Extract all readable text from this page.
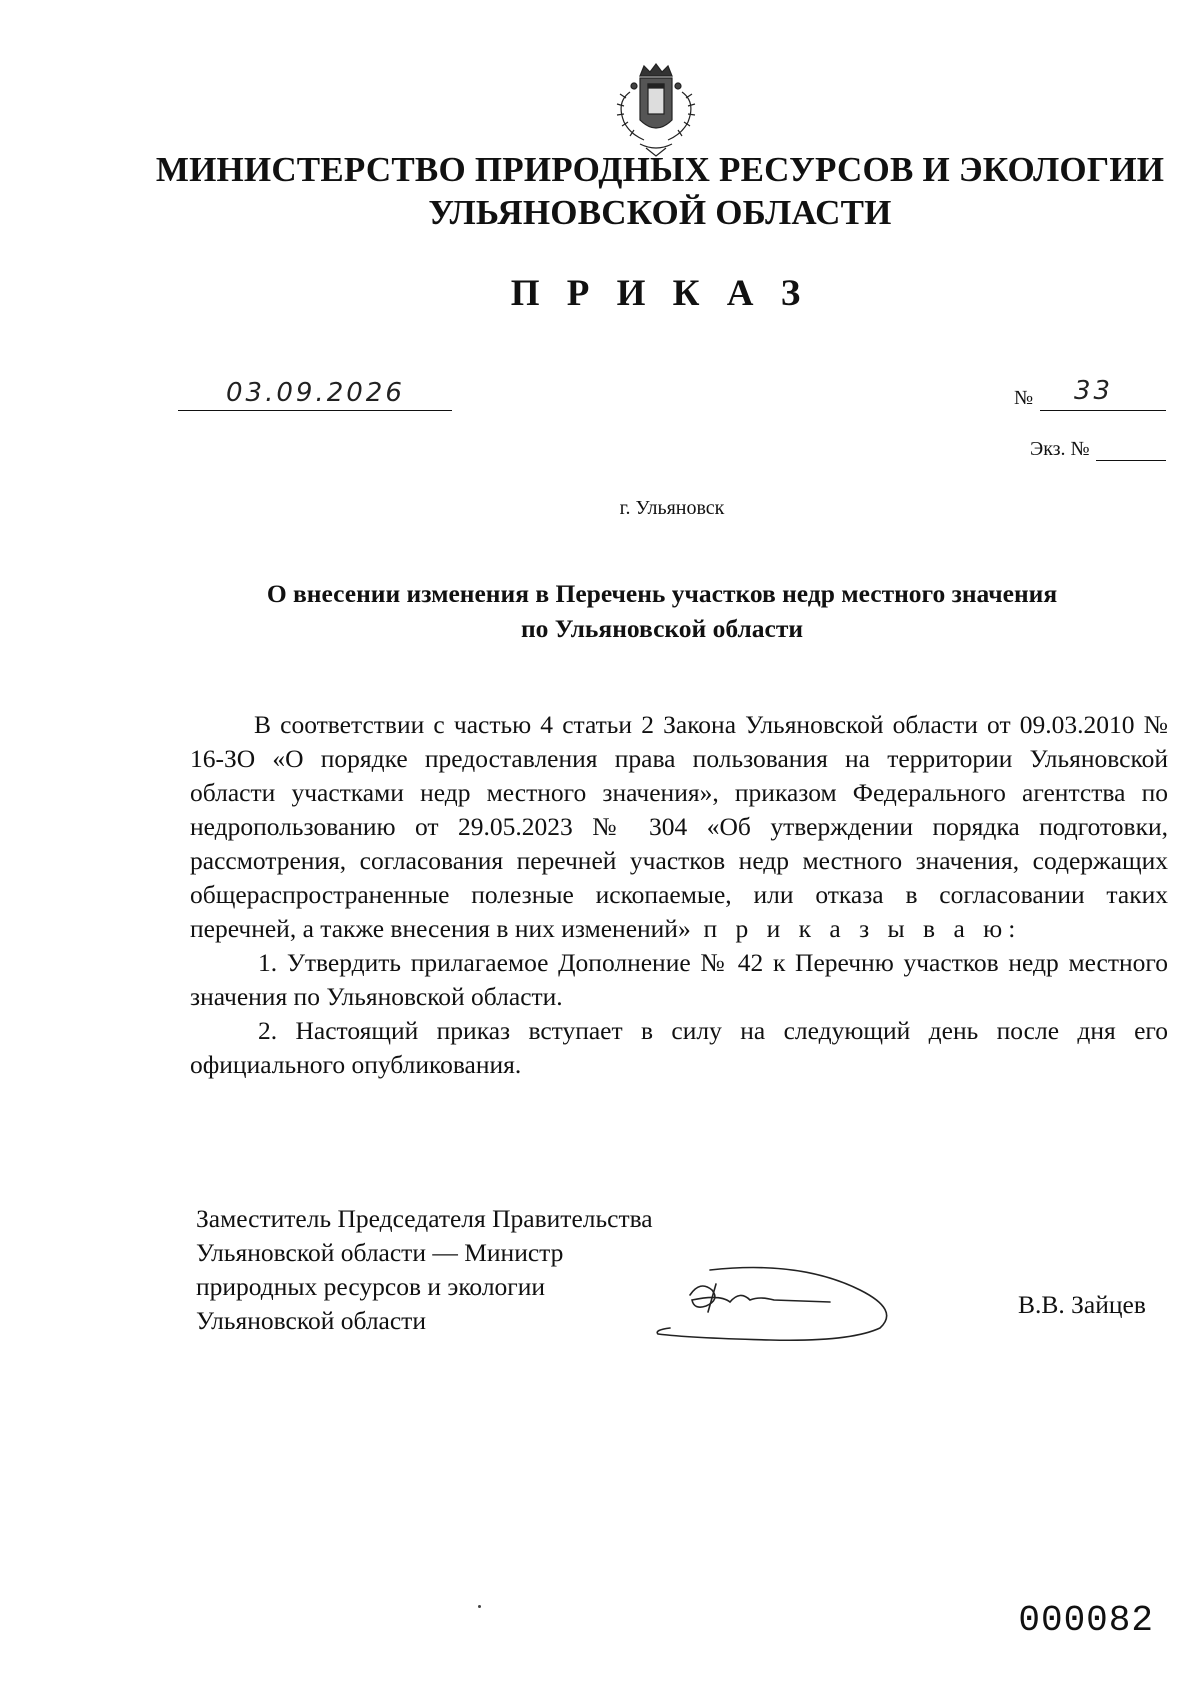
МИНИСТЕРСТВО ПРИРОДНЫХ РЕСУРСОВ И ЭКОЛОГИИ
УЛЬЯНОВСКОЙ ОБЛАСТИ
П Р И К А З
03.09.2026	№ 33
Экз. №
г. Ульяновск
О внесении изменения в Перечень участков недр местного значения
по Ульяновской области

В соответствии с частью 4 статьи 2 Закона Ульяновской области от 09.03.2010 № 16-ЗО «О порядке предоставления права пользования на территории Ульяновской области участками недр местного значения», приказом Федерального агентства по недропользованию от 29.05.2023 № 304 «Об утверждении порядка подготовки, рассмотрения, согласования перечней участков недр местного значения, содержащих общераспространенные полезные ископаемые, или отказа в согласовании таких перечней, а также внесения в них изменений» п р и к а з ы в а ю:

1. Утвердить прилагаемое Дополнение № 42 к Перечню участков недр местного значения по Ульяновской области.

2. Настоящий приказ вступает в силу на следующий день после дня его официального опубликования.

Заместитель Председателя Правительства
Ульяновской области — Министр
природных ресурсов и экологии
Ульяновской области
В.В. Зайцев
000082
